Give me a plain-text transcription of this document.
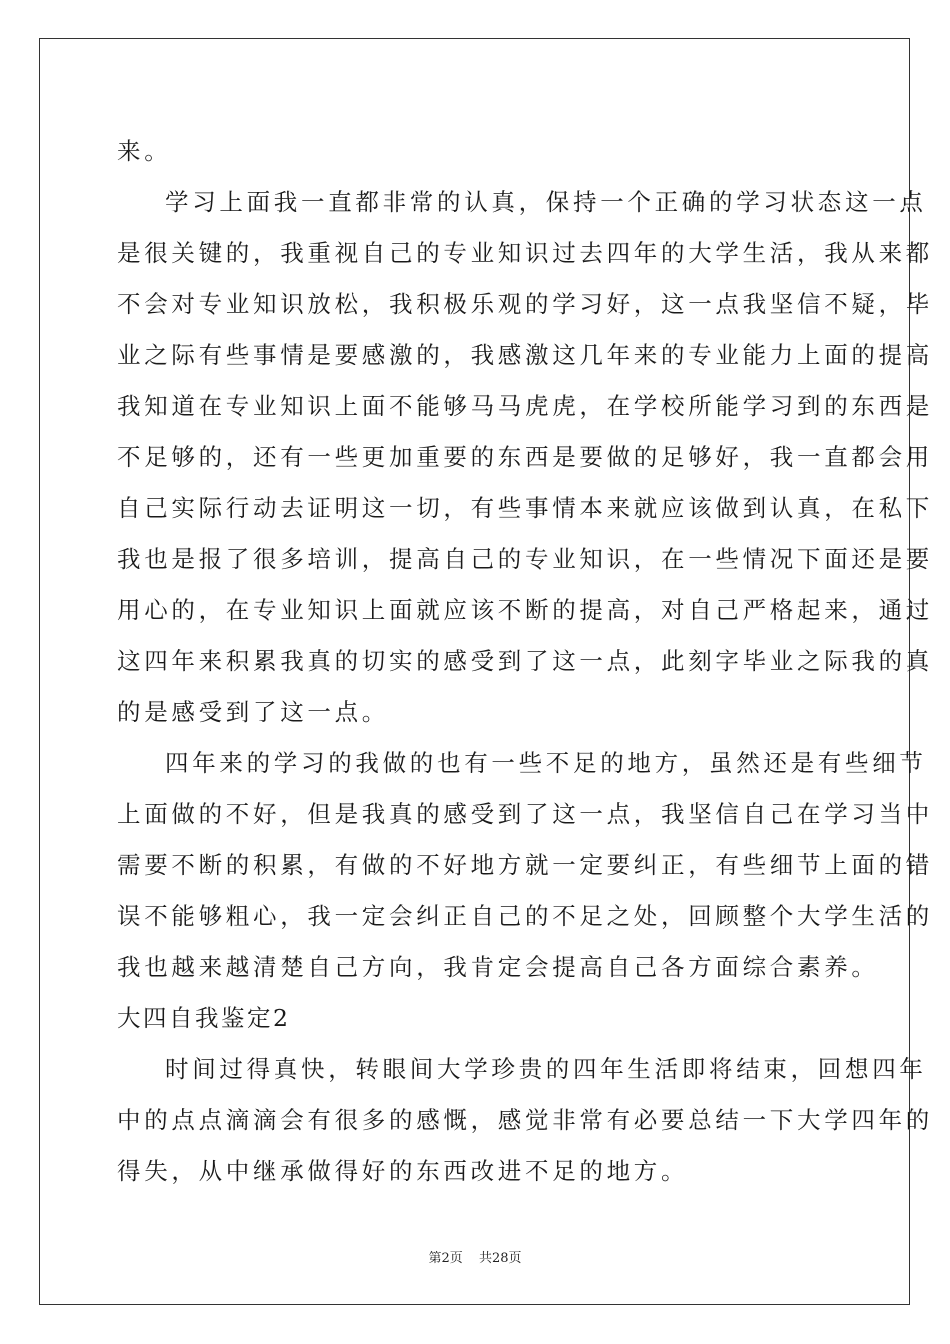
来。
学习上面我一直都非常的认真，保持一个正确的学习状态这一点
是很关键的，我重视自己的专业知识过去四年的大学生活，我从来都
不会对专业知识放松，我积极乐观的学习好，这一点我坚信不疑，毕
业之际有些事情是要感激的，我感激这几年来的专业能力上面的提高
我知道在专业知识上面不能够马马虎虎，在学校所能学习到的东西是
不足够的，还有一些更加重要的东西是要做的足够好，我一直都会用
自己实际行动去证明这一切，有些事情本来就应该做到认真，在私下
我也是报了很多培训，提高自己的专业知识，在一些情况下面还是要
用心的，在专业知识上面就应该不断的提高，对自己严格起来，通过
这四年来积累我真的切实的感受到了这一点，此刻字毕业之际我的真
的是感受到了这一点。
四年来的学习的我做的也有一些不足的地方，虽然还是有些细节
上面做的不好，但是我真的感受到了这一点，我坚信自己在学习当中
需要不断的积累，有做的不好地方就一定要纠正，有些细节上面的错
误不能够粗心，我一定会纠正自己的不足之处，回顾整个大学生活的
我也越来越清楚自己方向，我肯定会提高自己各方面综合素养。
大四自我鉴定2
时间过得真快，转眼间大学珍贵的四年生活即将结束，回想四年
中的点点滴滴会有很多的感慨，感觉非常有必要总结一下大学四年的
得失，从中继承做得好的东西改进不足的地方。
第2页 共28页
